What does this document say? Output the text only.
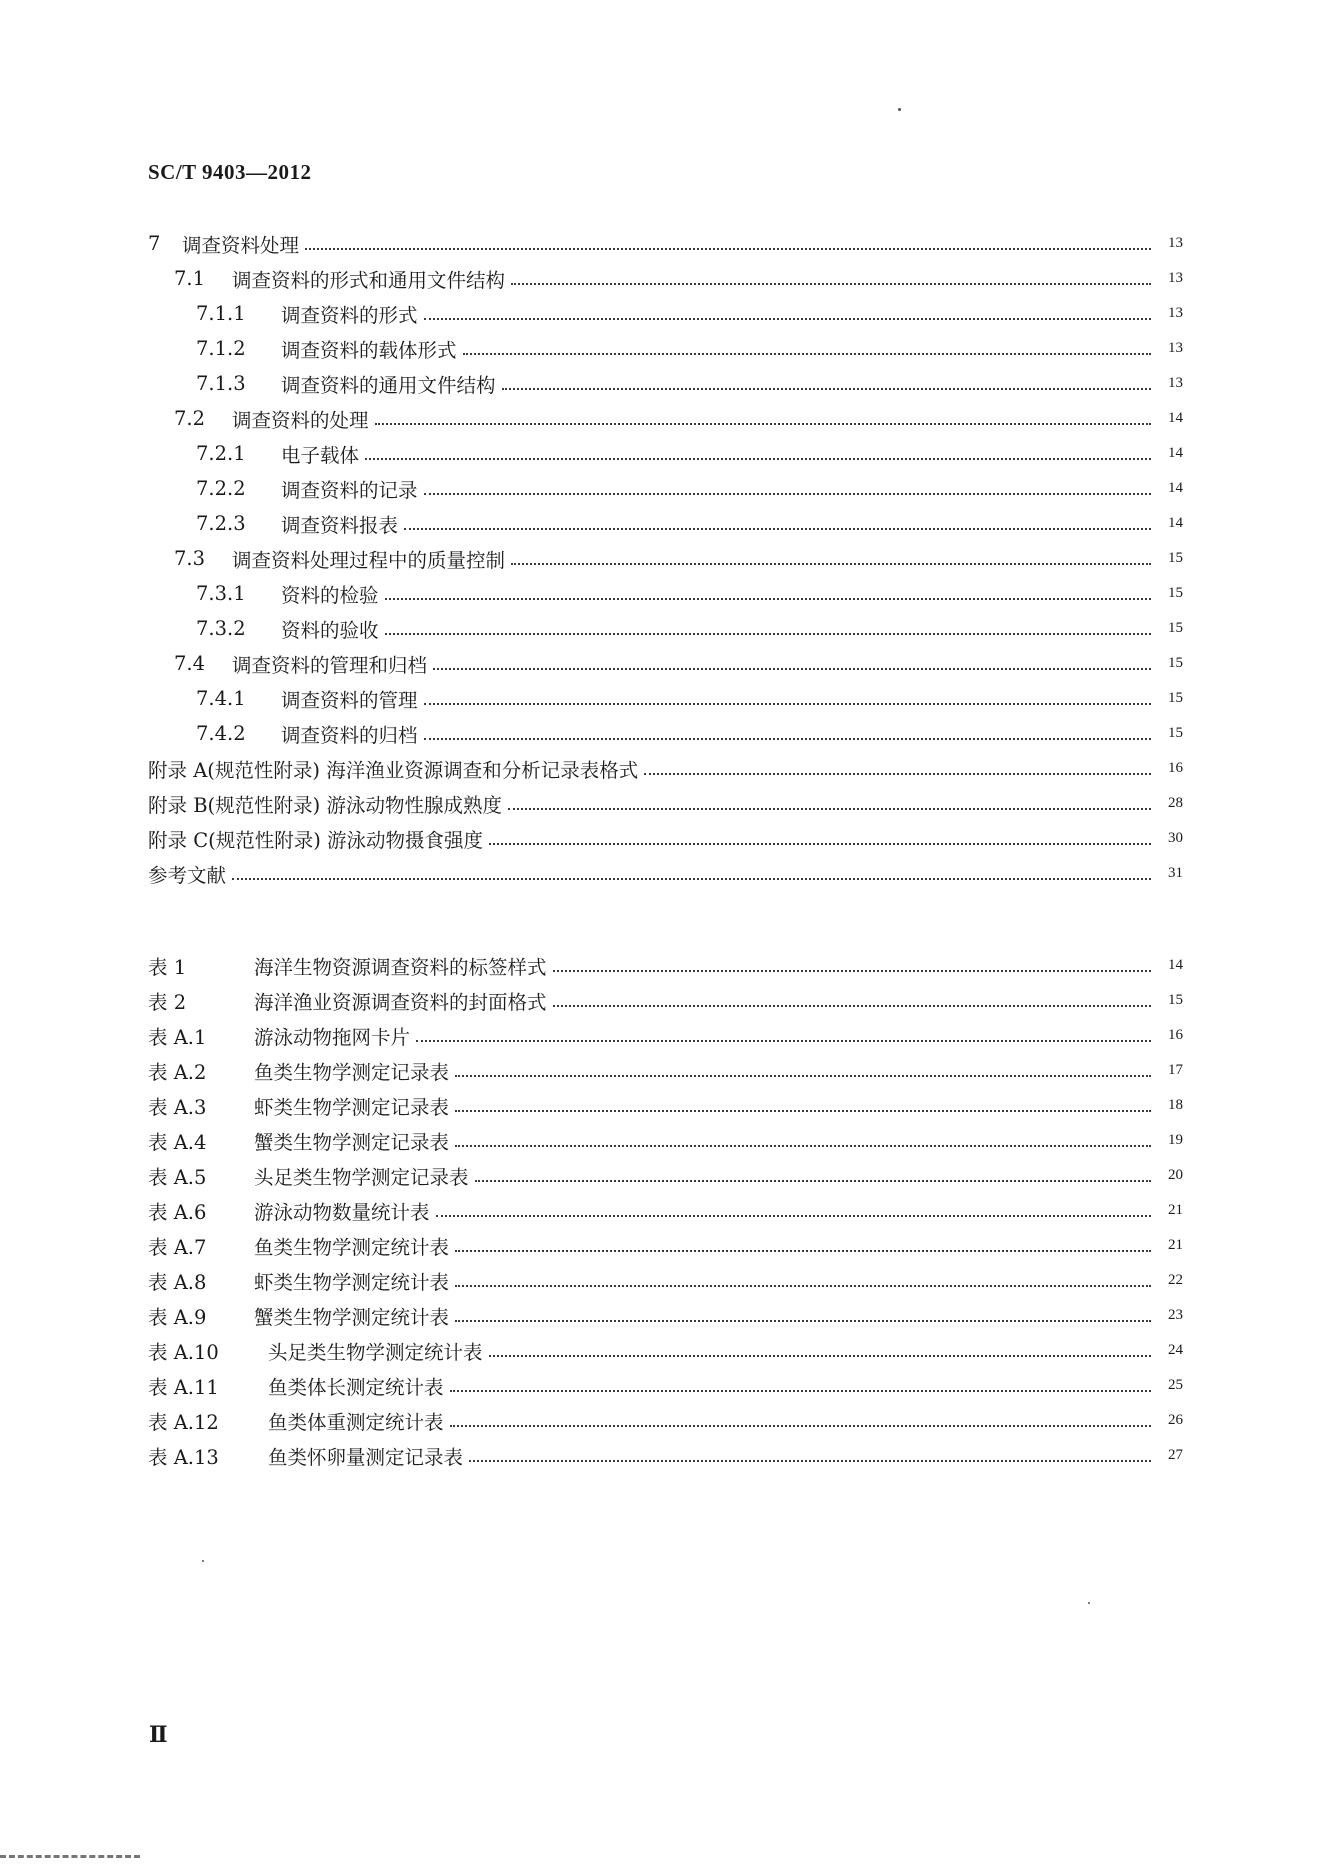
SC/T 9403—2012
7	调查资料处理	13
7.1	调查资料的形式和通用文件结构	13
7.1.1	调查资料的形式	13
7.1.2	调查资料的载体形式	13
7.1.3	调查资料的通用文件结构	13
7.2	调查资料的处理	14
7.2.1	电子载体	14
7.2.2	调查资料的记录	14
7.2.3	调查资料报表	14
7.3	调查资料处理过程中的质量控制	15
7.3.1	资料的检验	15
7.3.2	资料的验收	15
7.4	调查资料的管理和归档	15
7.4.1	调查资料的管理	15
7.4.2	调查资料的归档	15
附录 A(规范性附录) 海洋渔业资源调查和分析记录表格式	16
附录 B(规范性附录) 游泳动物性腺成熟度	28
附录 C(规范性附录) 游泳动物摄食强度	30
参考文献	31
表 1	海洋生物资源调查资料的标签样式	14
表 2	海洋渔业资源调查资料的封面格式	15
表 A.1	游泳动物拖网卡片	16
表 A.2	鱼类生物学测定记录表	17
表 A.3	虾类生物学测定记录表	18
表 A.4	蟹类生物学测定记录表	19
表 A.5	头足类生物学测定记录表	20
表 A.6	游泳动物数量统计表	21
表 A.7	鱼类生物学测定统计表	21
表 A.8	虾类生物学测定统计表	22
表 A.9	蟹类生物学测定统计表	23
表 A.10	头足类生物学测定统计表	24
表 A.11	鱼类体长测定统计表	25
表 A.12	鱼类体重测定统计表	26
表 A.13	鱼类怀卵量测定记录表	27
Ⅱ
